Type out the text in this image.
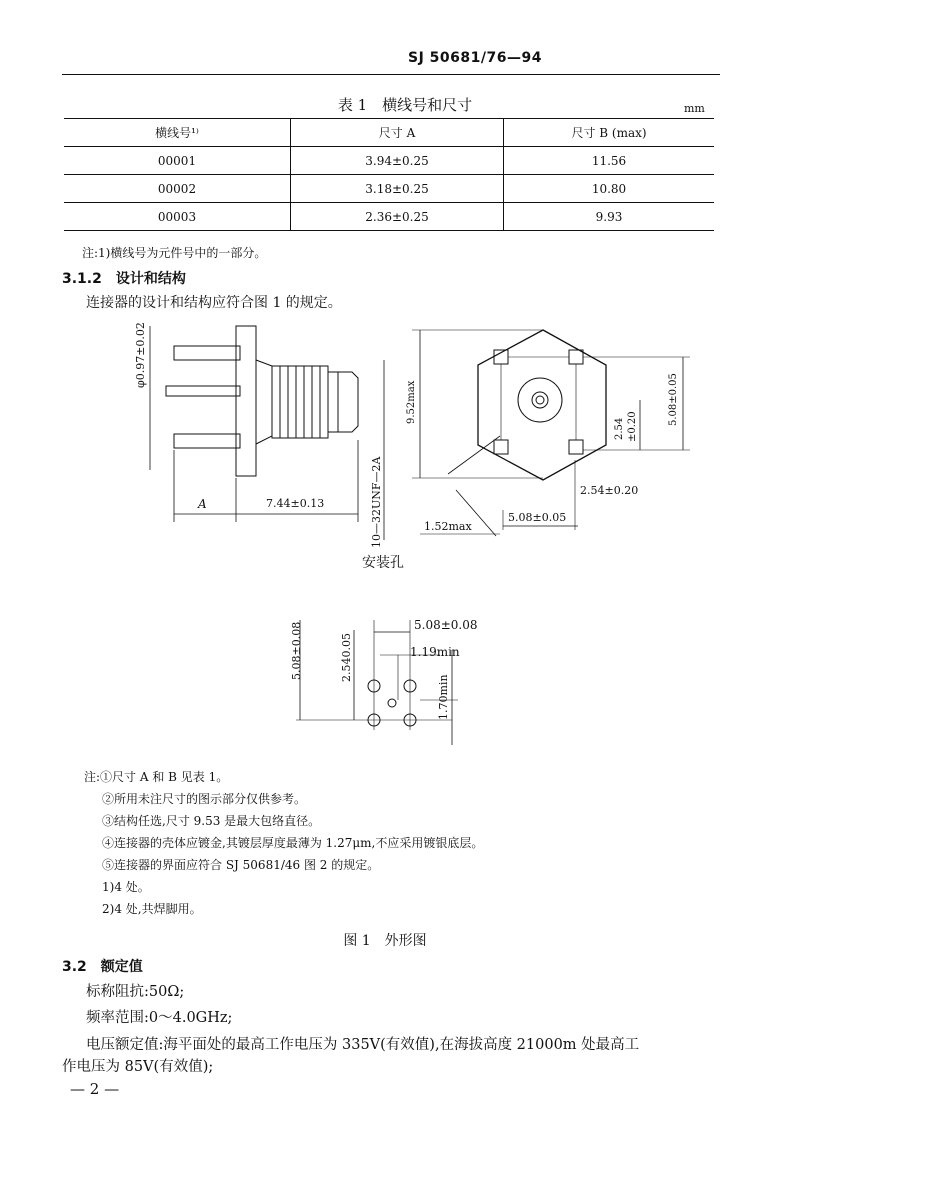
SJ 50681/76—94
表 1　横线号和尺寸	mm
横线号¹⁾	尺寸 A	尺寸 B (max)
00001	3.94±0.25	11.56
00002	3.18±0.25	10.80
00003	2.36±0.25	9.93
注:1)横线号为元件号中的一部分。
3.1.2　设计和结构
连接器的设计和结构应符合图 1 的规定。
φ0.97±0.02
A	7.44±0.13	10—32UNF—2A
9.52max	5.08±0.05
2.54 ±0.20
2.54±0.20
5.08±0.05
1.52max
安装孔
5.08±0.08	2.540.05
5.08±0.08
1.19min
1.70min
注:①尺寸 A 和 B 见表 1。
②所用未注尺寸的图示部分仅供参考。
③结构任选,尺寸 9.53 是最大包络直径。
④连接器的壳体应镀金,其镀层厚度最薄为 1.27μm,不应采用镀银底层。
⑤连接器的界面应符合 SJ 50681/46 图 2 的规定。
1)4 处。
2)4 处,共焊脚用。
图 1　外形图
3.2　额定值
标称阻抗:50Ω;
频率范围:0～4.0GHz;
电压额定值:海平面处的最高工作电压为 335V(有效值),在海拔高度 21000m 处最高工
作电压为 85V(有效值);
— 2 —
